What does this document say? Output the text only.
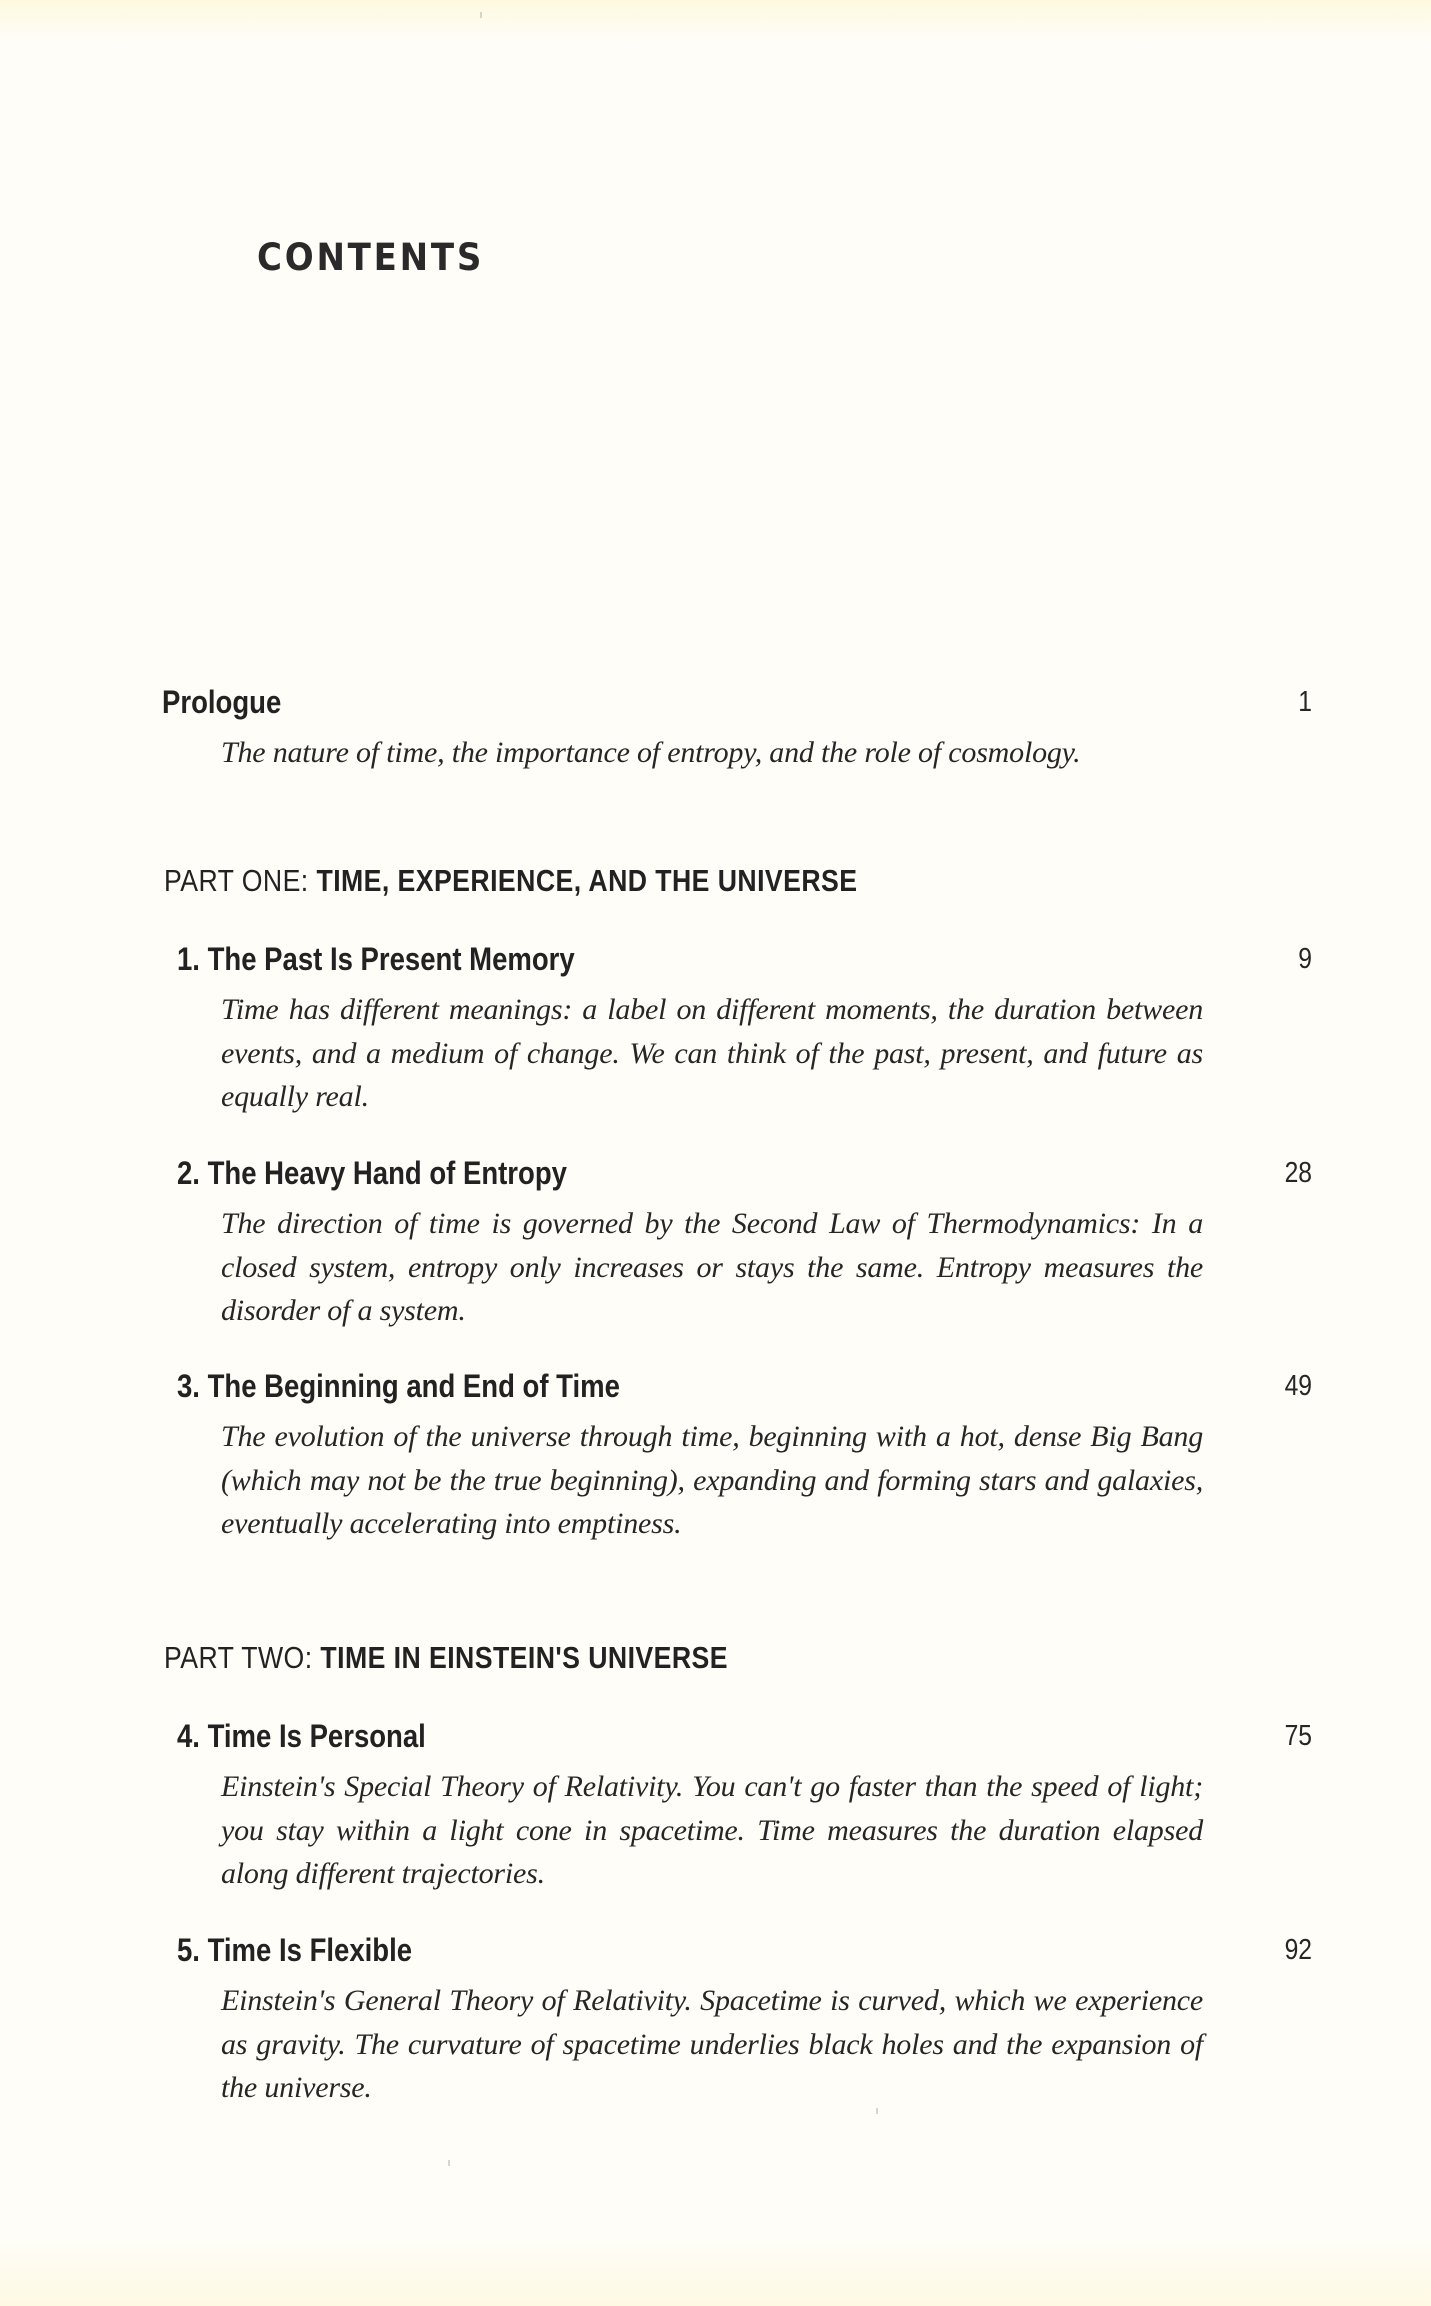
CONTENTS
Prologue	1

The nature of time, the importance of entropy, and the role of cosmology.

PART ONE: TIME, EXPERIENCE, AND THE UNIVERSE
1. The Past Is Present Memory	9

Time has different meanings: a label on different moments, the duration between events, and a medium of change. We can think of the past, present, and future as equally real.

2. The Heavy Hand of Entropy	28

The direction of time is governed by the Second Law of Thermodynamics: In a closed system, entropy only increases or stays the same. Entropy measures the disorder of a system.

3. The Beginning and End of Time	49

The evolution of the universe through time, beginning with a hot, dense Big Bang (which may not be the true beginning), expanding and forming stars and galaxies, eventually accelerating into emptiness.

PART TWO: TIME IN EINSTEIN'S UNIVERSE
4. Time Is Personal	75

Einstein's Special Theory of Relativity. You can't go faster than the speed of light; you stay within a light cone in spacetime. Time measures the duration elapsed along different trajectories.

5. Time Is Flexible	92

Einstein's General Theory of Relativity. Spacetime is curved, which we experience as gravity. The curvature of spacetime underlies black holes and the expansion of the universe.
